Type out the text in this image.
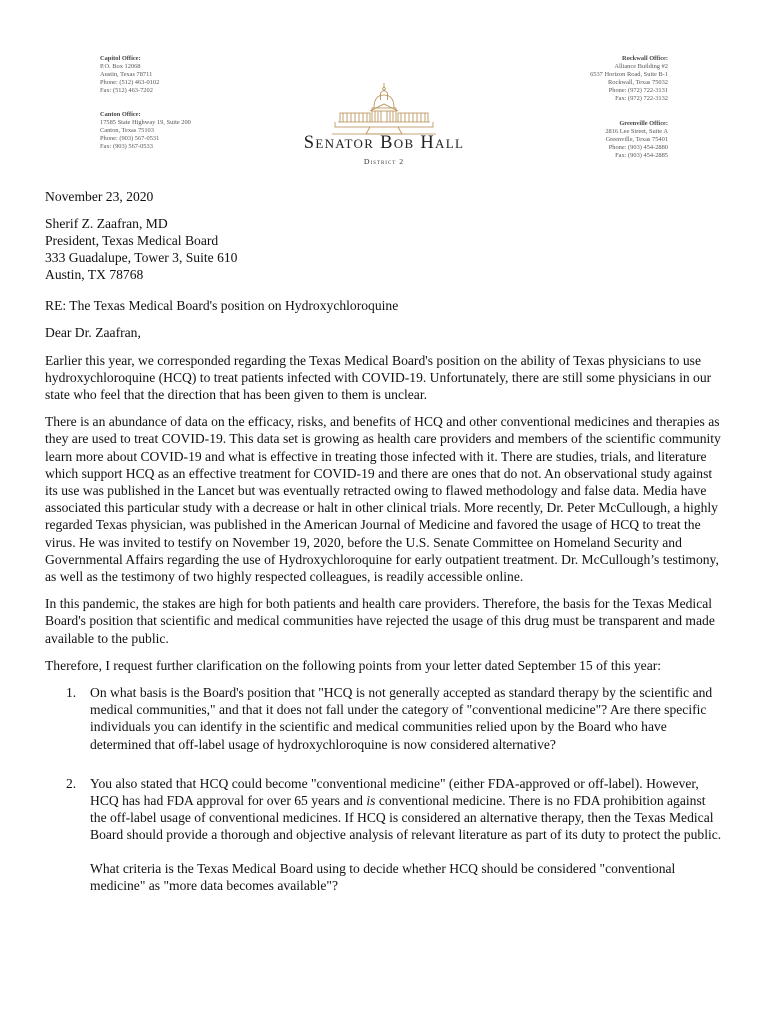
Capitol Office:
P.O. Box 12068
Austin, Texas 78711
Phone: (512) 463-0102
Fax: (512) 463-7202
Canton Office:
17585 State Highway 19, Suite 200
Canton, Texas 75103
Phone: (903) 567-0531
Fax: (903) 567-0533
Rockwall Office:
Alliance Building #2
6537 Horizon Road, Suite B-1
Rockwall, Texas 75032
Phone: (972) 722-3131
Fax: (972) 722-3132
Greenville Office:
2816 Lee Street, Suite A
Greenville, Texas 75401
Phone: (903) 454-2880
Fax: (903) 454-2885
Senator Bob Hall
District 2

November 23, 2020

Sherif Z. Zaafran, MD
President, Texas Medical Board
333 Guadalupe, Tower 3, Suite 610
Austin, TX 78768

RE: The Texas Medical Board's position on Hydroxychloroquine

Dear Dr. Zaafran,

Earlier this year, we corresponded regarding the Texas Medical Board's position on the ability of Texas physicians to use hydroxychloroquine (HCQ) to treat patients infected with COVID-19. Unfortunately, there are still some physicians in our state who feel that the direction that has been given to them is unclear.

There is an abundance of data on the efficacy, risks, and benefits of HCQ and other conventional medicines and therapies as they are used to treat COVID-19. This data set is growing as health care providers and members of the scientific community learn more about COVID-19 and what is effective in treating those infected with it. There are studies, trials, and literature which support HCQ as an effective treatment for COVID-19 and there are ones that do not. An observational study against its use was published in the Lancet but was eventually retracted owing to flawed methodology and false data. Media have associated this particular study with a decrease or halt in other clinical trials. More recently, Dr. Peter McCullough, a highly regarded Texas physician, was published in the American Journal of Medicine and favored the usage of HCQ to treat the virus. He was invited to testify on November 19, 2020, before the U.S. Senate Committee on Homeland Security and Governmental Affairs regarding the use of Hydroxychloroquine for early outpatient treatment. Dr. McCullough’s testimony, as well as the testimony of two highly respected colleagues, is readily accessible online.

In this pandemic, the stakes are high for both patients and health care providers. Therefore, the basis for the Texas Medical Board's position that scientific and medical communities have rejected the usage of this drug must be transparent and made available to the public.

Therefore, I request further clarification on the following points from your letter dated September 15 of this year:

1. On what basis is the Board's position that "HCQ is not generally accepted as standard therapy by the scientific and medical communities," and that it does not fall under the category of "conventional medicine"? Are there specific individuals you can identify in the scientific and medical communities relied upon by the Board who have determined that off-label usage of hydroxychloroquine is now considered alternative?

2. You also stated that HCQ could become "conventional medicine" (either FDA-approved or off-label). However, HCQ has had FDA approval for over 65 years and is conventional medicine. There is no FDA prohibition against the off-label usage of conventional medicines. If HCQ is considered an alternative therapy, then the Texas Medical Board should provide a thorough and objective analysis of relevant literature as part of its duty to protect the public.

What criteria is the Texas Medical Board using to decide whether HCQ should be considered "conventional medicine" as "more data becomes available"?
